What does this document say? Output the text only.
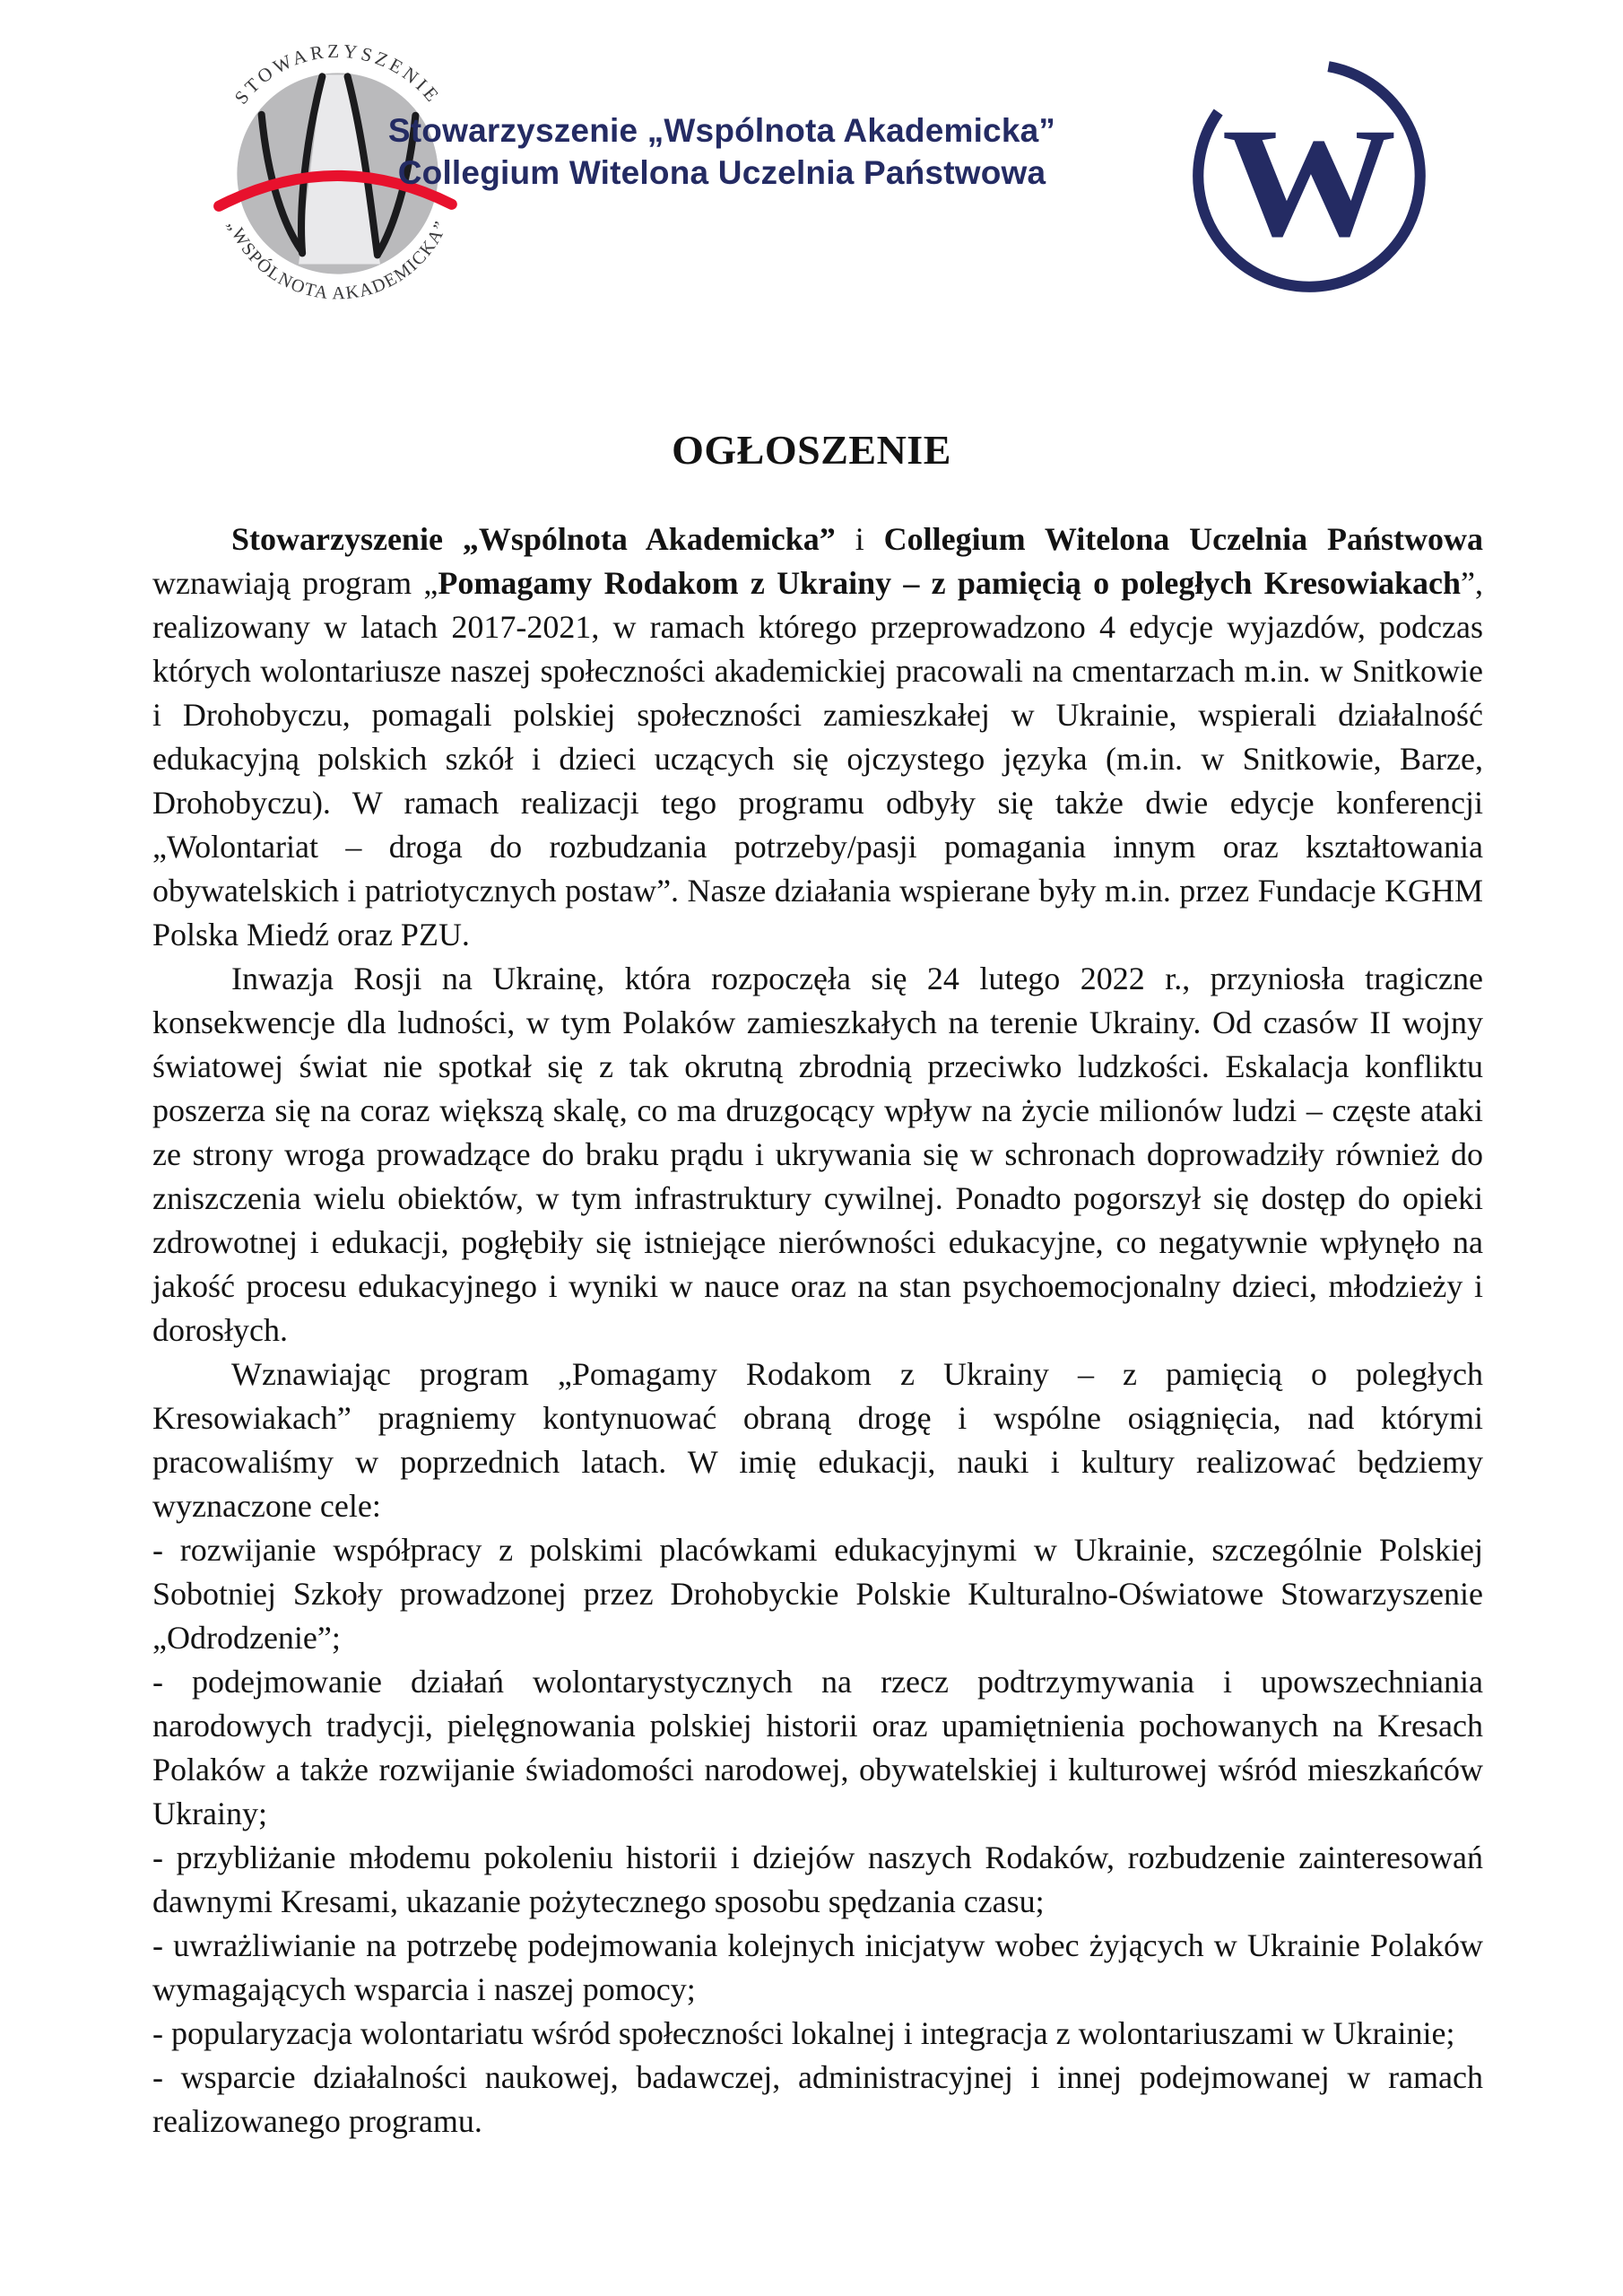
STOWARZYSZENIE
„WSPÓLNOTA AKADEMICKA”
Stowarzyszenie „Wspólnota Akademicka”
Collegium Witelona Uczelnia Państwowa W
OGŁOSZENIE

Stowarzyszenie „Wspólnota Akademicka” i Collegium Witelona Uczelnia Państwowa wznawiają program „Pomagamy Rodakom z Ukrainy – z pamięcią o poległych Kresowiakach”, realizowany w latach 2017-2021, w ramach którego przeprowadzono 4 edycje wyjazdów, podczas których wolontariusze naszej społeczności akademickiej pracowali na cmentarzach m.in. w Snitkowie i Drohobyczu, pomagali polskiej społeczności zamieszkałej w Ukrainie, wspierali działalność edukacyjną polskich szkół i dzieci uczących się ojczystego języka (m.in. w Snitkowie, Barze, Drohobyczu). W ramach realizacji tego programu odbyły się także dwie edycje konferencji „Wolontariat – droga do rozbudzania potrzeby/pasji pomagania innym oraz kształtowania obywatelskich i patriotycznych postaw”. Nasze działania wspierane były m.in. przez Fundacje KGHM Polska Miedź oraz PZU.

Inwazja Rosji na Ukrainę, która rozpoczęła się 24 lutego 2022 r., przyniosła tragiczne konsekwencje dla ludności, w tym Polaków zamieszkałych na terenie Ukrainy. Od czasów II wojny światowej świat nie spotkał się z tak okrutną zbrodnią przeciwko ludzkości. Eskalacja konfliktu poszerza się na coraz większą skalę, co ma druzgocący wpływ na życie milionów ludzi – częste ataki ze strony wroga prowadzące do braku prądu i ukrywania się w schronach doprowadziły również do zniszczenia wielu obiektów, w tym infrastruktury cywilnej. Ponadto pogorszył się dostęp do opieki zdrowotnej i edukacji, pogłębiły się istniejące nierówności edukacyjne, co negatywnie wpłynęło na jakość procesu edukacyjnego i wyniki w nauce oraz na stan psychoemocjonalny dzieci, młodzieży i dorosłych.

Wznawiając program „Pomagamy Rodakom z Ukrainy – z pamięcią o poległych Kresowiakach” pragniemy kontynuować obraną drogę i wspólne osiągnięcia, nad którymi pracowaliśmy w poprzednich latach. W imię edukacji, nauki i kultury realizować będziemy wyznaczone cele:

- rozwijanie współpracy z polskimi placówkami edukacyjnymi w Ukrainie, szczególnie Polskiej Sobotniej Szkoły prowadzonej przez Drohobyckie Polskie Kulturalno-Oświatowe Stowarzyszenie „Odrodzenie”;

- podejmowanie działań wolontarystycznych na rzecz podtrzymywania i upowszechniania narodowych tradycji, pielęgnowania polskiej historii oraz upamiętnienia pochowanych na Kresach Polaków a także rozwijanie świadomości narodowej, obywatelskiej i kulturowej wśród mieszkańców Ukrainy;

- przybliżanie młodemu pokoleniu historii i dziejów naszych Rodaków, rozbudzenie zainteresowań dawnymi Kresami, ukazanie pożytecznego sposobu spędzania czasu;

- uwrażliwianie na potrzebę podejmowania kolejnych inicjatyw wobec żyjących w Ukrainie Polaków wymagających wsparcia i naszej pomocy;

- popularyzacja wolontariatu wśród społeczności lokalnej i integracja z wolontariuszami w Ukrainie;

- wsparcie działalności naukowej, badawczej, administracyjnej i innej podejmowanej w ramach realizowanego programu.
